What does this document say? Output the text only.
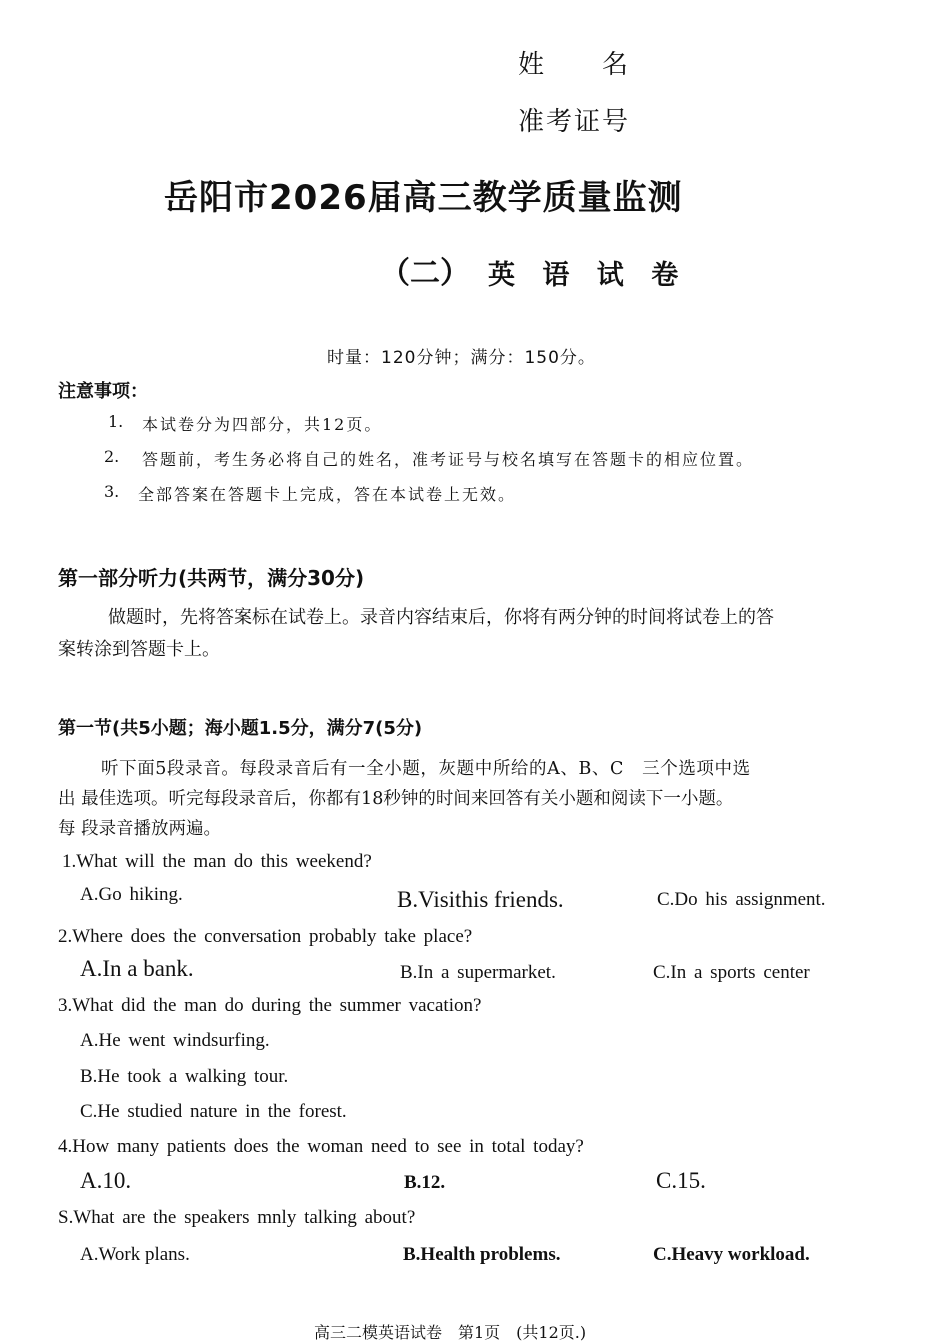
姓　　名
准考证号
岳阳市2026届高三教学质量监测
（二） 英 语 试 卷
时量：120分钟；满分：150分。
注意事项：
1. 本试卷分为四部分，共12页。
2. 答题前，考生务必将自己的姓名，准考证号与校名填写在答题卡的相应位置。
3. 全部答案在答题卡上完成，答在本试卷上无效。
第一部分听力(共两节，满分30分)
做题时，先将答案标在试卷上。录音内容结束后，你将有两分钟的时间将试卷上的答
案转涂到答题卡上。
第一节(共5小题；海小题1.5分，满分7(5分)
听下面5段录音。每段录音后有一全小题，灰题中所给的A、B、C　三个选项中选
出 最佳选项。听完每段录音后，你都有18秒钟的时间来回答有关小题和阅读下一小题。
每 段录音播放两遍。
1.What will the man do this weekend?
A.Go hiking.	B.Visithis friends.	C.Do his assignment.
2.Where does the conversation probably take place?
A.In a bank.	B.In a supermarket.	C.In a sports center
3.What did the man do during the summer vacation?
A.He went windsurfing.
B.He took a walking tour.
C.He studied nature in the forest.
4.How many patients does the woman need to see in total today?
A.10.	B.12.	C.15.
S.What are the speakers mnly talking about?
A.Work plans.	B.Health problems.	C.Heavy workload.
高三二模英语试卷　第1页　(共12页.)
